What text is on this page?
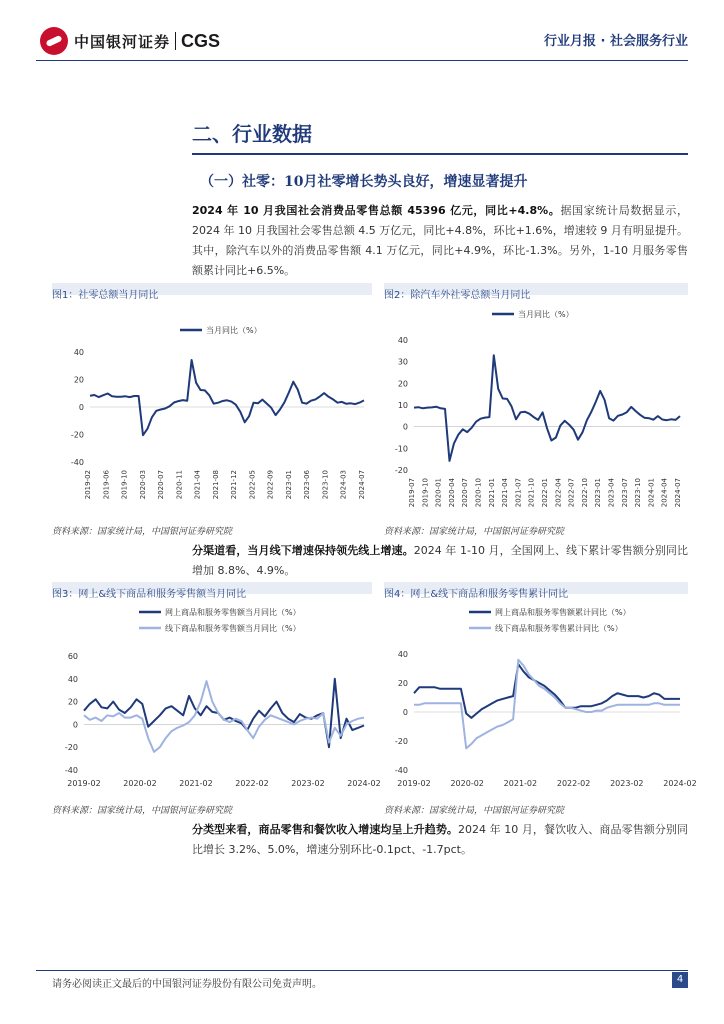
中国银河证券 CGS	行业月报 · 社会服务行业
二、行业数据
（一）社零：10月社零增长势头良好，增速显著提升
2024 年 10 月我国社会消费品零售总额 45396 亿元，同比+4.8%。据国家统计局数据显示，2024 年 10 月我国社会零售总额 4.5 万亿元，同比+4.8%，环比+1.6%，增速较 9 月有明显提升。其中，除汽车以外的消费品零售额 4.1 万亿元，同比+4.9%，环比-1.3%。另外，1-10 月服务零售额累计同比+6.5%。
图1：社零总额当月同比
40
20
0
-20
-40
2019-02 2019-06 2019-10 2020-03 2020-07 2020-11 2021-04 2021-08 2021-12 2022-05 2022-09 2023-01 2023-06 2023-10 2024-03 2024-07
当月同比（%）
资料来源：国家统计局，中国银河证券研究院
图2：除汽车外社零总额当月同比
40
30
20
10
0
-10
-20
2019-07 2019-10 2020-01 2020-04 2020-07 2020-10 2021-01 2021-04 2021-07 2021-10 2022-01 2022-04 2022-07 2022-10 2023-01 2023-04 2023-07 2023-10 2024-01 2024-04 2024-07
当月同比（%）
资料来源：国家统计局，中国银河证券研究院
分渠道看，当月线下增速保持领先线上增速。2024 年 1-10 月，全国网上、线下累计零售额分别同比增加 8.8%、4.9%。
图3：网上&线下商品和服务零售额当月同比
60
40
20
0
-20
-40
2019-02	2020-02	2021-02	2022-02	2023-02	2024-02
网上商品和服务零售额当月同比（%）
线下商品和服务零售额当月同比（%）
资料来源：国家统计局，中国银河证券研究院
图4：网上&线下商品和服务零售累计同比
40
20
0
-20
-40
2019-02 2020-02 2021-02 2022-02 2023-02 2024-02
网上商品和服务零售额累计同比（%）
线下商品和服务零售累计同比（%）
资料来源：国家统计局，中国银河证券研究院
分类型来看，商品零售和餐饮收入增速均呈上升趋势。2024 年 10 月，餐饮收入、商品零售额分别同比增长 3.2%、5.0%，增速分别环比-0.1pct、-1.7pct。
请务必阅读正文最后的中国银河证券股份有限公司免责声明。	4
